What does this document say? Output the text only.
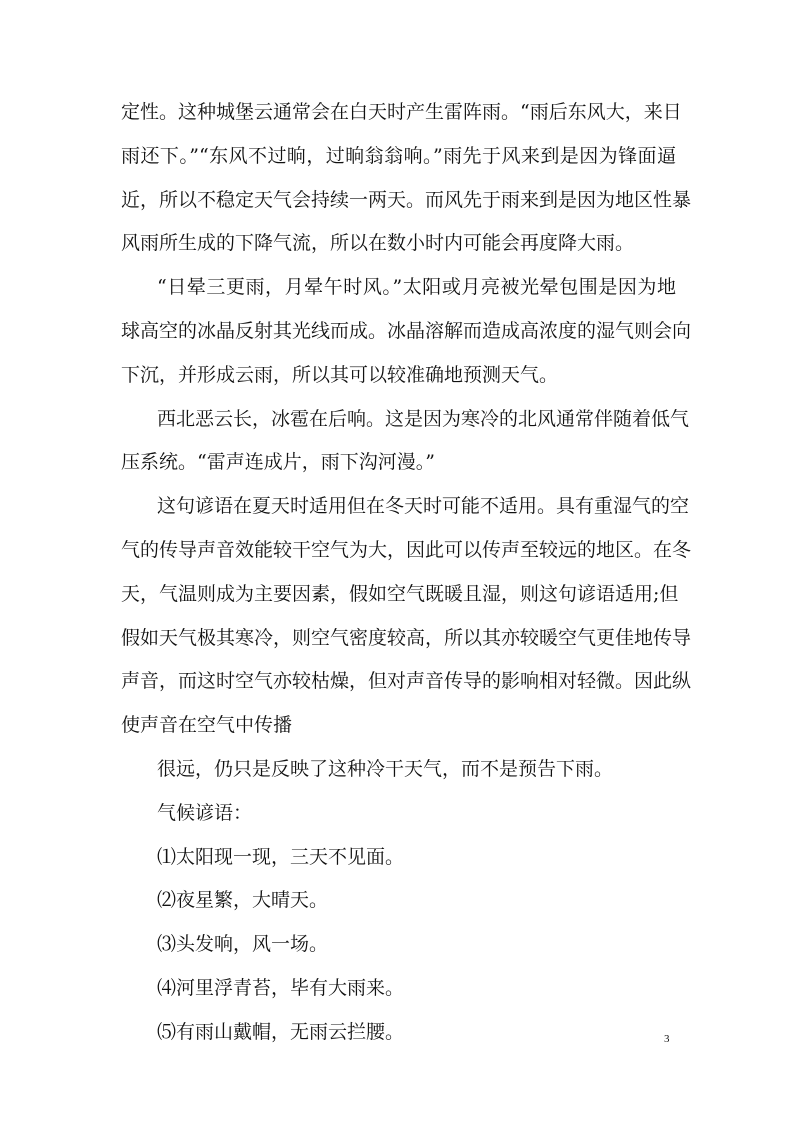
定性。这种城堡云通常会在白天时产生雷阵雨。“雨后东风大，来日
雨还下。”“东风不过晌，过晌翁翁响。”雨先于风来到是因为锋面逼
近，所以不稳定天气会持续一两天。而风先于雨来到是因为地区性暴
风雨所生成的下降气流，所以在数小时内可能会再度降大雨。
“日晕三更雨，月晕午时风。”太阳或月亮被光晕包围是因为地
球高空的冰晶反射其光线而成。冰晶溶解而造成高浓度的湿气则会向
下沉，并形成云雨，所以其可以较准确地预测天气。
西北恶云长，冰雹在后响。这是因为寒冷的北风通常伴随着低气
压系统。“雷声连成片，雨下沟河漫。”
这句谚语在夏天时适用但在冬天时可能不适用。具有重湿气的空
气的传导声音效能较干空气为大，因此可以传声至较远的地区。在冬
天，气温则成为主要因素，假如空气既暖且湿，则这句谚语适用;但
假如天气极其寒冷，则空气密度较高，所以其亦较暖空气更佳地传导
声音，而这时空气亦较枯燥，但对声音传导的影响相对轻微。因此纵
使声音在空气中传播
很远，仍只是反映了这种冷干天气，而不是预告下雨。
气候谚语：
⑴太阳现一现，三天不见面。
⑵夜星繁，大晴天。
⑶头发响，风一场。
⑷河里浮青苔，毕有大雨来。
⑸有雨山戴帽，无雨云拦腰。	3
